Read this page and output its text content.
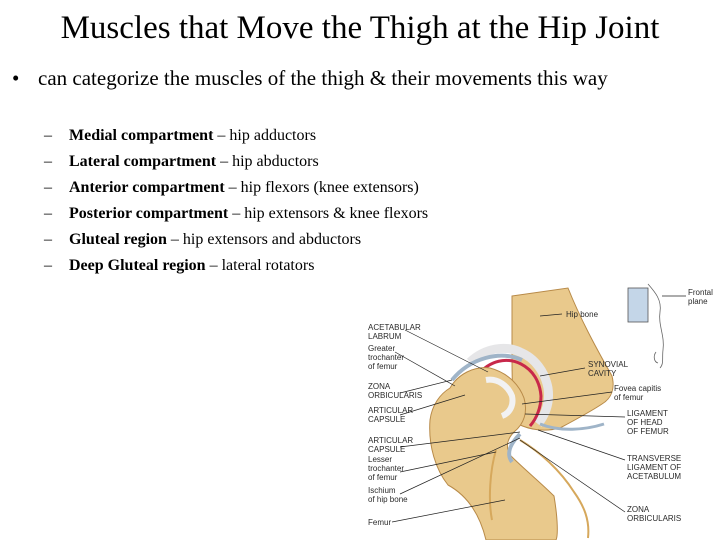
Muscles that Move the Thigh at the Hip Joint
• can categorize the muscles of the thigh & their movements this way
– Medial compartment – hip adductors
– Lateral compartment – hip abductors
– Anterior compartment – hip flexors (knee extensors)
– Posterior compartment – hip extensors & knee flexors
– Gluteal region – hip extensors and abductors
– Deep Gluteal region – lateral rotators
ACETABULAR LABRUM
Greater trochanter of femur
ZONA ORBICULARIS
ARTICULAR CAPSULE
ARTICULAR CAPSULE
Lesser trochanter of femur
Ischium of hip bone
Femur
Hip bone
Frontal plane
SYNOVIAL CAVITY
Fovea capitis of femur
LIGAMENT OF HEAD OF FEMUR
TRANSVERSE LIGAMENT OF ACETABULUM
ZONA ORBICULARIS
